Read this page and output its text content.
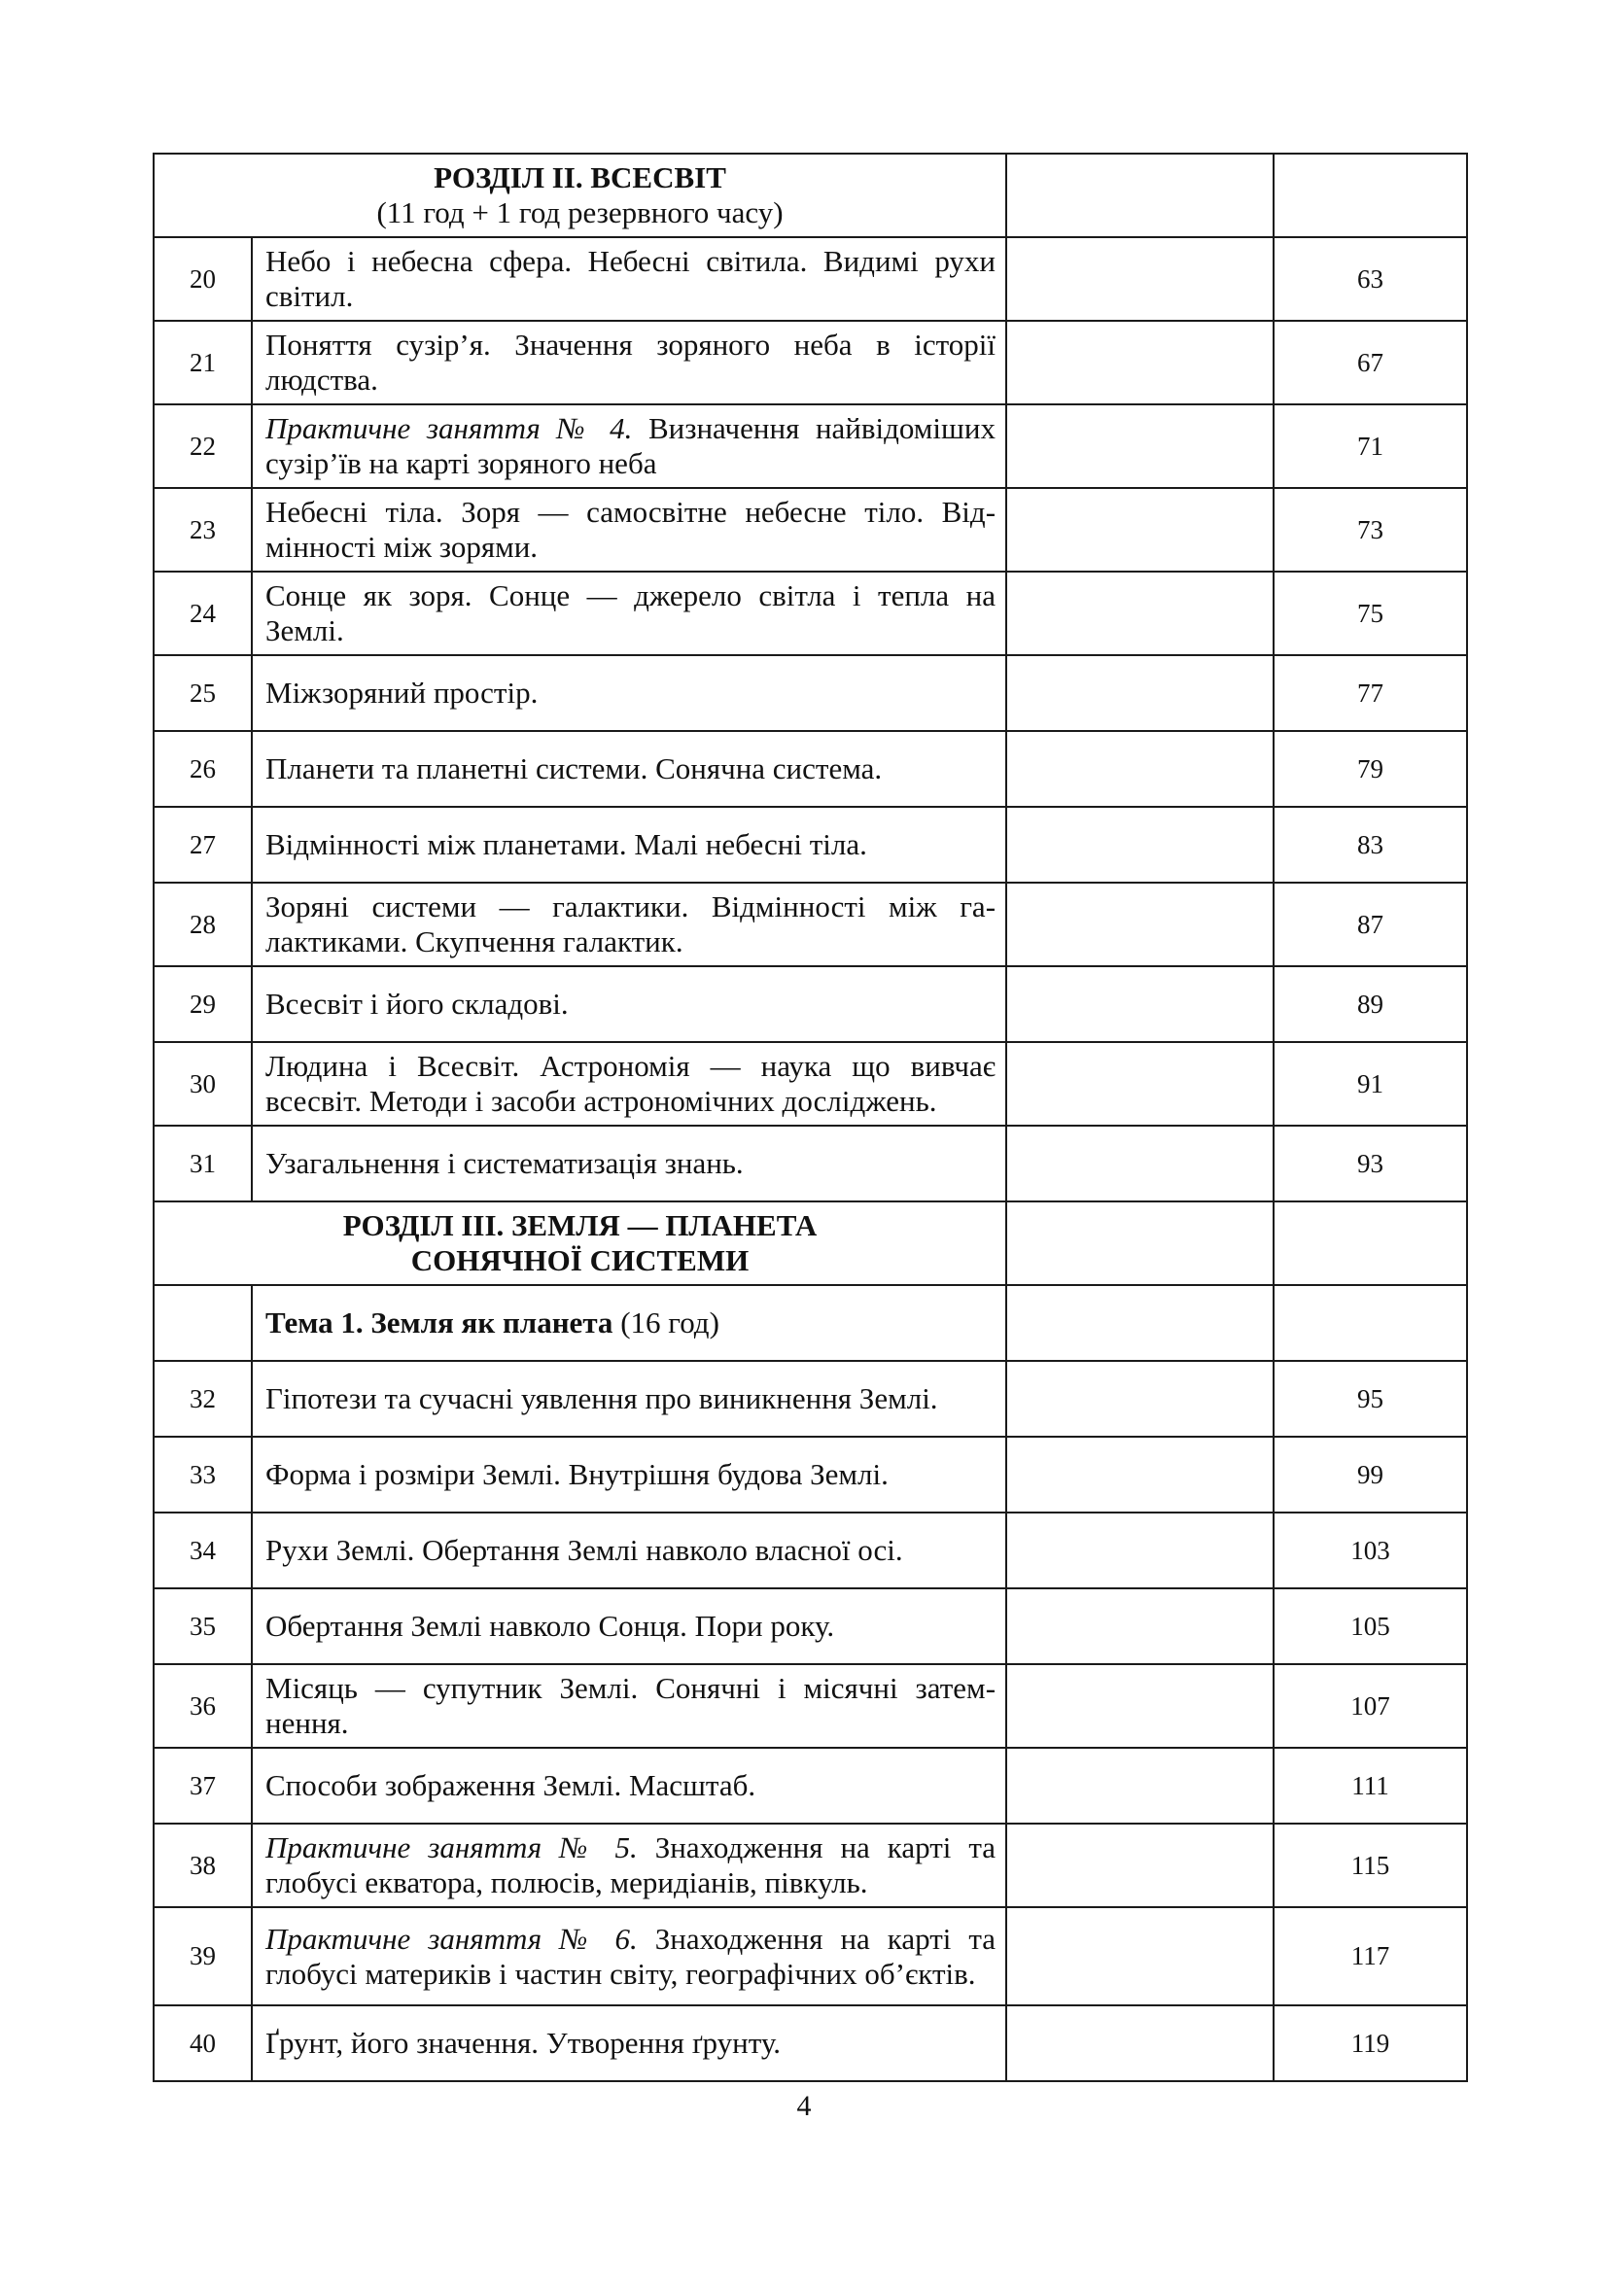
РОЗДІЛ II. ВСЕСВІТ
(11 год + 1 год резервного часу)			

20	Небо і небесна сфера. Небесні світила. Видимі рухи світил.		63
21	Поняття сузір’я. Значення зоряного неба в історії людства.		67
22	Практичне заняття № 4. Визначення найвідоміших сузір’їв на карті зоряного неба		71
23	Небесні тіла. Зоря — самосвітне небесне тіло. Відмінності між зорями.		73
24	Сонце як зоря. Сонце — джерело світла і тепла на Землі.		75
25	Міжзоряний простір.		77
26	Планети та планетні системи. Сонячна система.		79
27	Відмінності між планетами. Малі небесні тіла.		83
28	Зоряні системи — галактики. Відмінності між галактиками. Скупчення галактик.		87
29	Всесвіт і його складові.		89
30	Людина і Всесвіт. Астрономія — наука що вивчає всесвіт. Методи і засоби астрономічних досліджень.		91
31	Узагальнення і систематизація знань.		93

РОЗДІЛ III. ЗЕМЛЯ — ПЛАНЕТА
СОНЯЧНОЇ СИСТЕМИ			

	Тема 1. Земля як планета (16 год)		
32	Гіпотези та сучасні уявлення про виникнення Землі.		95
33	Форма і розміри Землі. Внутрішня будова Землі.		99
34	Рухи Землі. Обертання Землі навколо власної осі.		103
35	Обертання Землі навколо Сонця. Пори року.		105
36	Місяць — супутник Землі. Сонячні і місячні затемнення.		107
37	Способи зображення Землі. Масштаб.		111
38	Практичне заняття № 5. Знаходження на карті та глобусі екватора, полюсів, меридіанів, півкуль.		115
39	Практичне заняття № 6. Знаходження на карті та глобусі материків і частин світу, географічних об’єктів.		117
40	Ґрунт, його значення. Утворення ґрунту.		119
4
